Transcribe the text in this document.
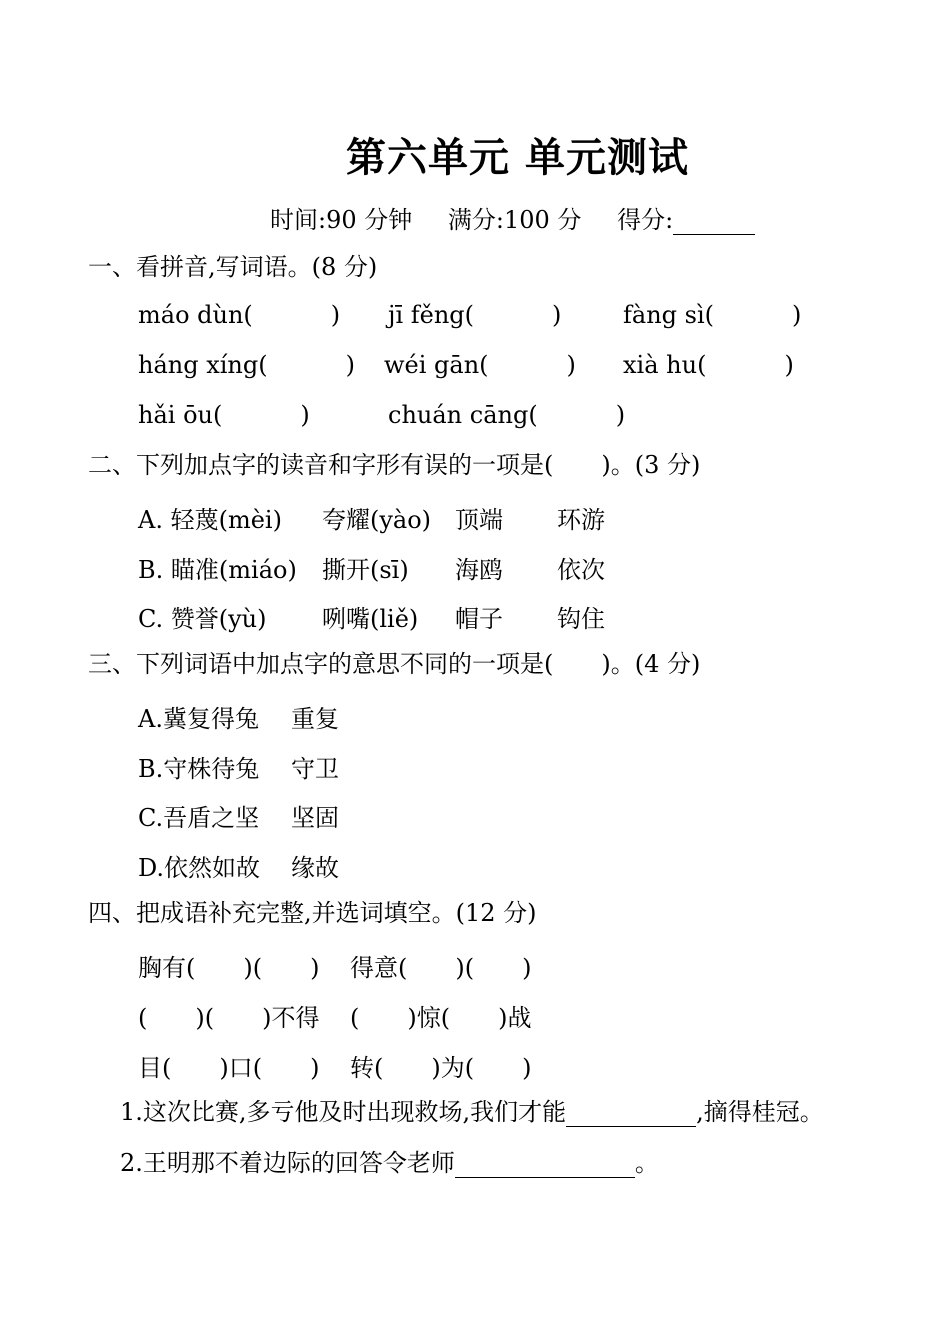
第六单元 单元测试
时间:90 分钟 满分:100 分 得分:
一、看拼音,写词语。(8 分)
máo dùn(	) jī fěng(	)	fàng sì(	)
háng xíng(	) wéi gān(	) xià hu(	)
hǎi ōu(	)	chuán cāng(	)
二、下列加点字的读音和字形有误的一项是(　　)。(3 分)
A. 轻蔑(mèi) 夸耀(yào) 顶端 环游
B. 瞄准(miáo) 撕开(sī) 海鸥 依次
C. 赞誉(yù) 咧嘴(liě) 帽子 钩住
三、下列词语中加点字的意思不同的一项是(　　)。(4 分)
A.冀复得兔 重复
B.守株待兔 守卫
C.吾盾之坚 坚固
D.依然如故 缘故
四、把成语补充完整,并选词填空。(12 分)
胸有(　　)(　　) 得意(　　)(　　)
(　　)(　　)不得 (　　)惊(　　)战
目(　　)口(　　) 转(　　)为(　　)
1.这次比赛,多亏他及时出现救场,我们才能	,摘得桂冠。
2.王明那不着边际的回答令老师	。
